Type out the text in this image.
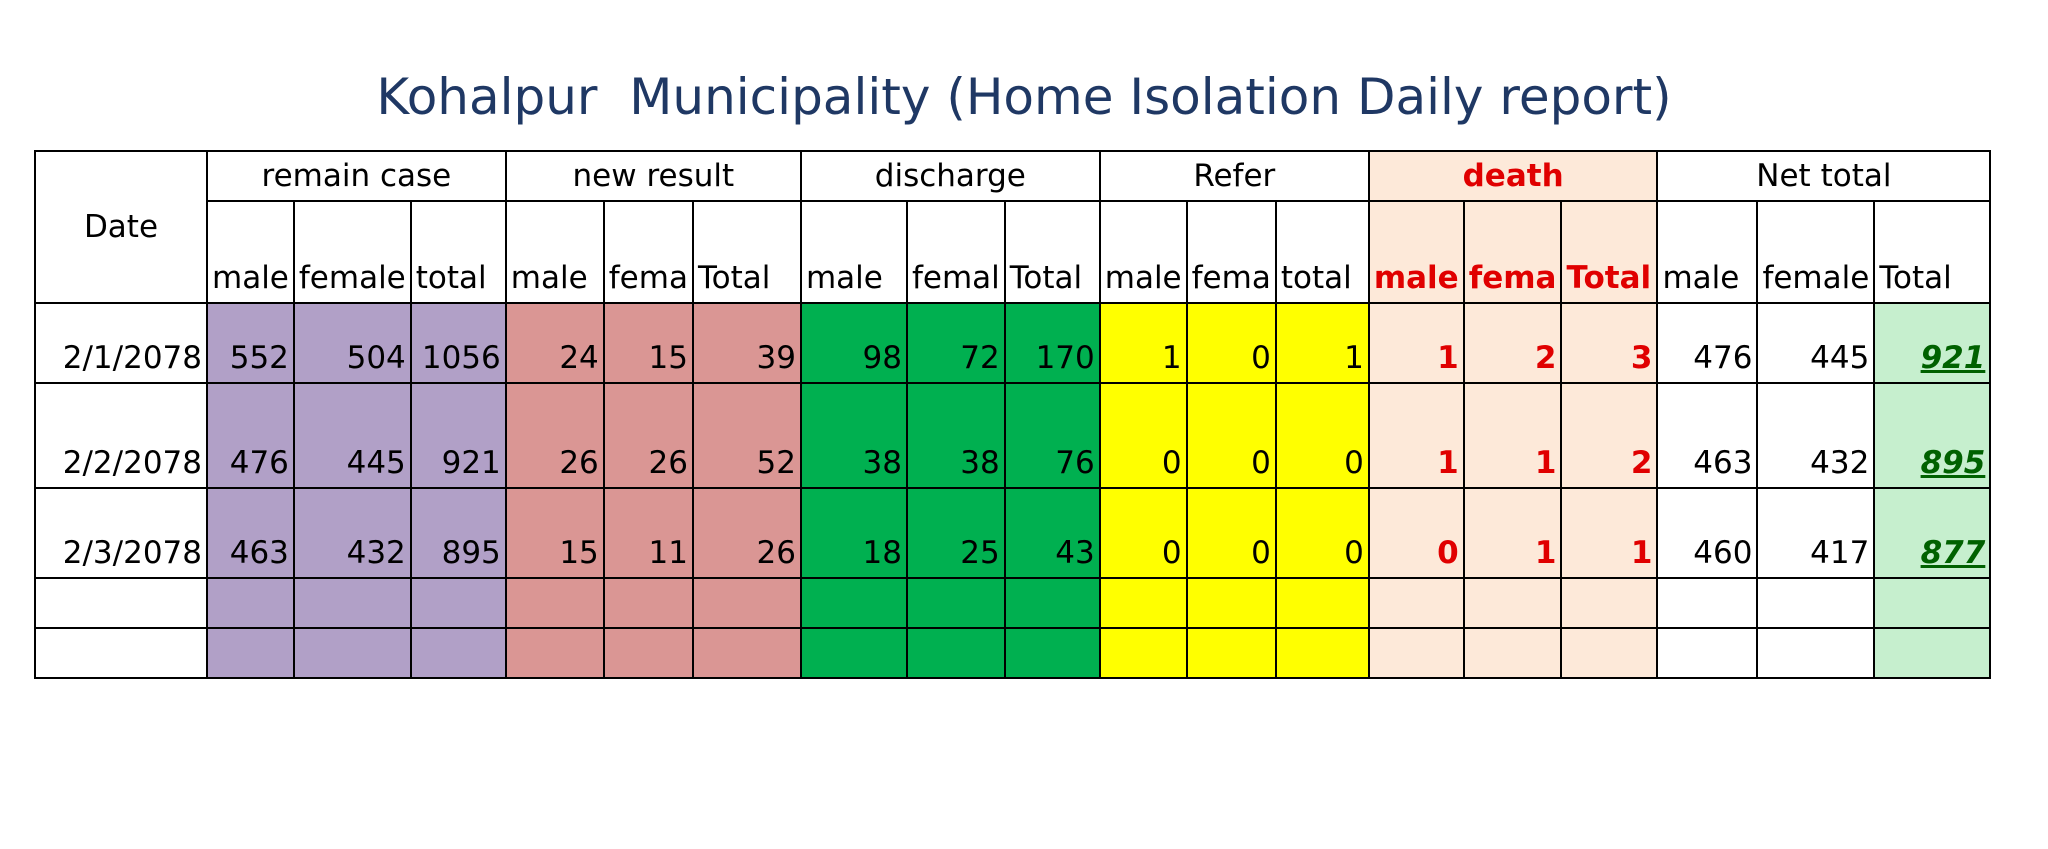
Kohalpur  Municipality (Home Isolation Daily report)
Date	remain case			new result			discharge			Refer			death			Net total		
	male	female	total	male	fema	Total	male	femal	Total	male	fema	total	male	fema	Total	male	female	Total
2/1/2078	552	504	1056	24	15	39	98	72	170	1	0	1	1	2	3	476	445	921
2/2/2078	476	445	921	26	26	52	38	38	76	0	0	0	1	1	2	463	432	895
2/3/2078	463	432	895	15	11	26	18	25	43	0	0	0	0	1	1	460	417	877
